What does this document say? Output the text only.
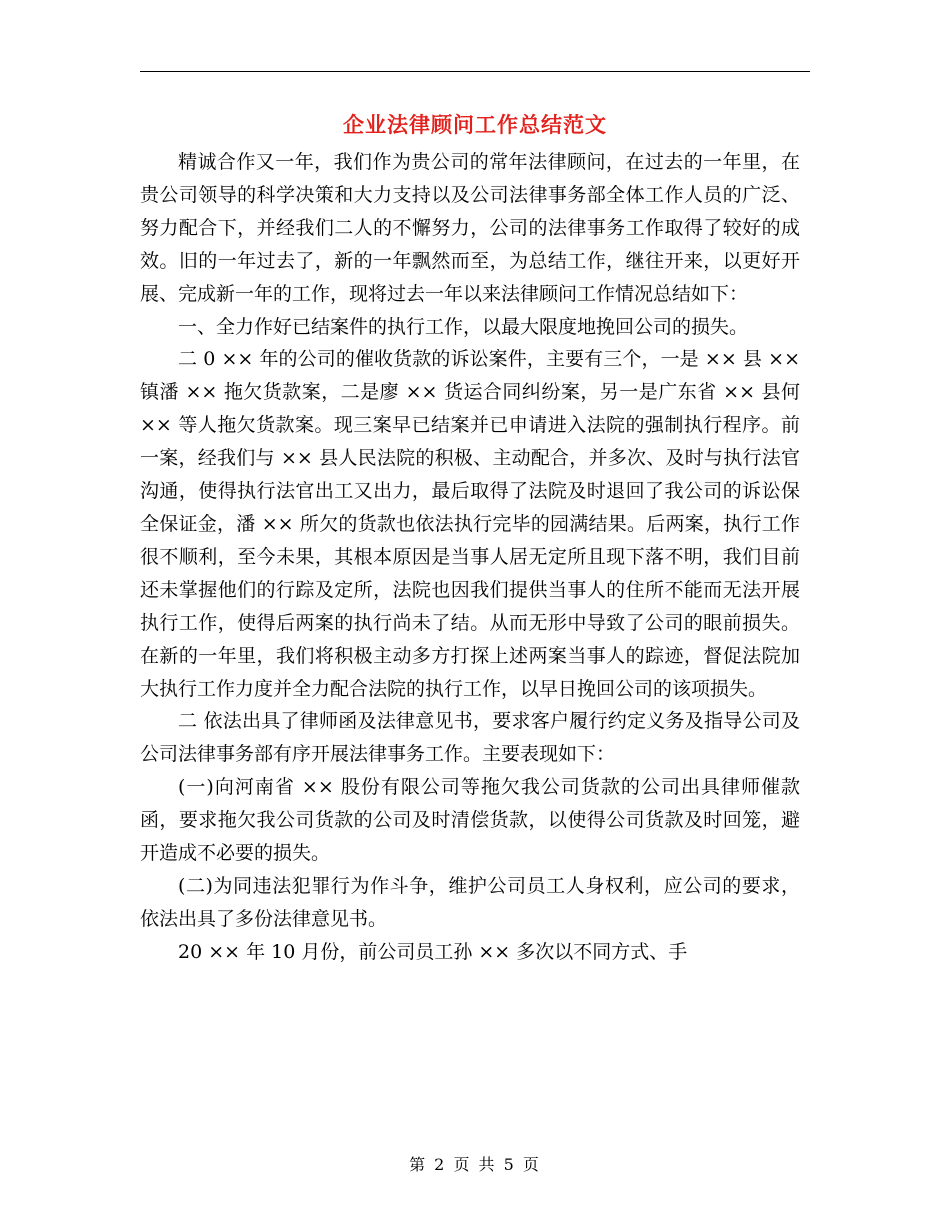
企业法律顾问工作总结范文

精诚合作又一年，我们作为贵公司的常年法律顾问，在过去的一年里，在贵公司领导的科学决策和大力支持以及公司法律事务部全体工作人员的广泛、努力配合下，并经我们二人的不懈努力，公司的法律事务工作取得了较好的成效。旧的一年过去了，新的一年飘然而至，为总结工作，继往开来，以更好开展、完成新一年的工作，现将过去一年以来法律顾问工作情况总结如下：

一、全力作好已结案件的执行工作，以最大限度地挽回公司的损失。

二 0 ×× 年的公司的催收货款的诉讼案件，主要有三个，一是 ×× 县 ×× 镇潘 ×× 拖欠货款案，二是廖 ×× 货运合同纠纷案，另一是广东省 ×× 县何 ×× 等人拖欠货款案。现三案早已结案并已申请进入法院的强制执行程序。前一案，经我们与 ×× 县人民法院的积极、主动配合，并多次、及时与执行法官沟通，使得执行法官出工又出力，最后取得了法院及时退回了我公司的诉讼保全保证金，潘 ×× 所欠的货款也依法执行完毕的园满结果。后两案，执行工作很不顺利，至今未果，其根本原因是当事人居无定所且现下落不明，我们目前还未掌握他们的行踪及定所，法院也因我们提供当事人的住所不能而无法开展执行工作，使得后两案的执行尚未了结。从而无形中导致了公司的眼前损失。在新的一年里，我们将积极主动多方打探上述两案当事人的踪迹，督促法院加大执行工作力度并全力配合法院的执行工作，以早日挽回公司的该项损失。

二 依法出具了律师函及法律意见书，要求客户履行约定义务及指导公司及公司法律事务部有序开展法律事务工作。主要表现如下：

(一)向河南省 ×× 股份有限公司等拖欠我公司货款的公司出具律师催款函，要求拖欠我公司货款的公司及时清偿货款，以使得公司货款及时回笼，避开造成不必要的损失。

(二)为同违法犯罪行为作斗争，维护公司员工人身权利，应公司的要求，依法出具了多份法律意见书。

20 ×× 年 10 月份，前公司员工孙 ×× 多次以不同方式、手

第 2 页 共 5 页
